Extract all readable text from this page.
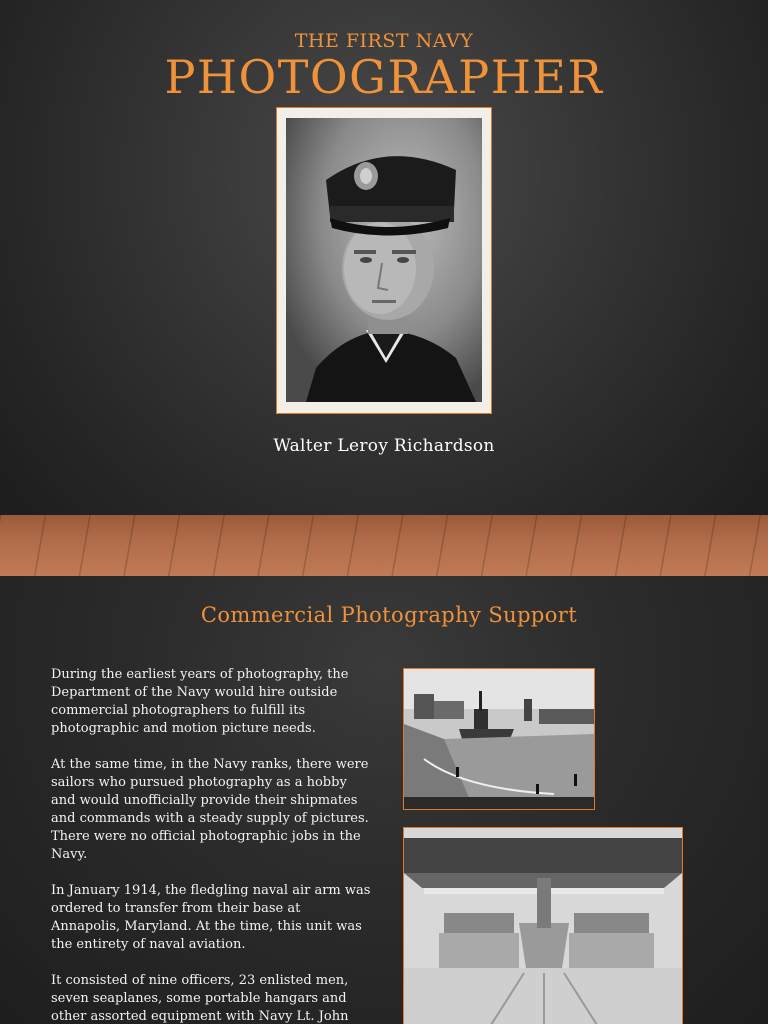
THE FIRST NAVY
PHOTOGRAPHER
Walter Leroy Richardson
Commercial Photography Support

During the earliest years of photography, the Department of the Navy would hire outside commercial photographers to fulfill its photographic and motion picture needs.

At the same time, in the Navy ranks, there were sailors who pursued photography as a hobby and would unofficially provide their shipmates and commands with a steady supply of pictures. There were no official photographic jobs in the Navy.

In January 1914, the fledgling naval air arm was ordered to transfer from their base at Annapolis, Maryland. At the time, this unit was the entirety of naval aviation.

It consisted of nine officers, 23 enlisted men, seven seaplanes, some portable hangars and other assorted equipment with Navy Lt. John
